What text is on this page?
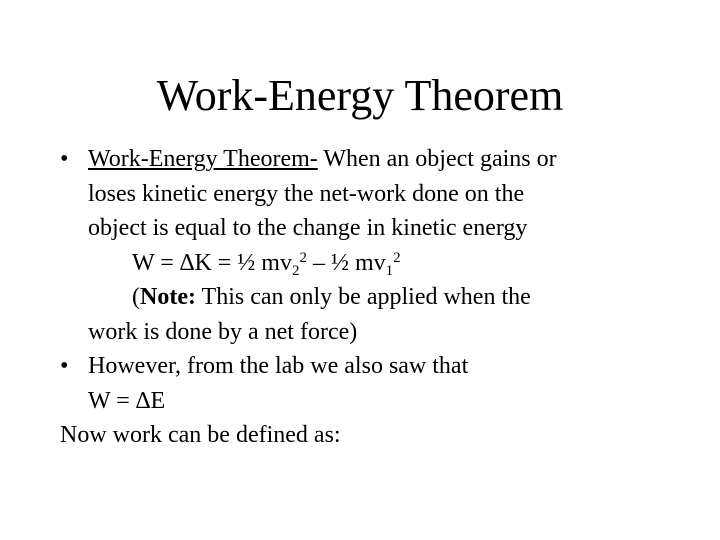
Work-Energy Theorem
• Work-Energy Theorem- When an object gains or
loses kinetic energy the net-work done on the
object is equal to the change in kinetic energy
W = ∆K = ½ $mv_2^2$ – ½ $mv_1^2$
(Note: This can only be applied when the
work is done by a net force)
• However, from the lab we also saw that
W = ∆E
Now work can be defined as:
